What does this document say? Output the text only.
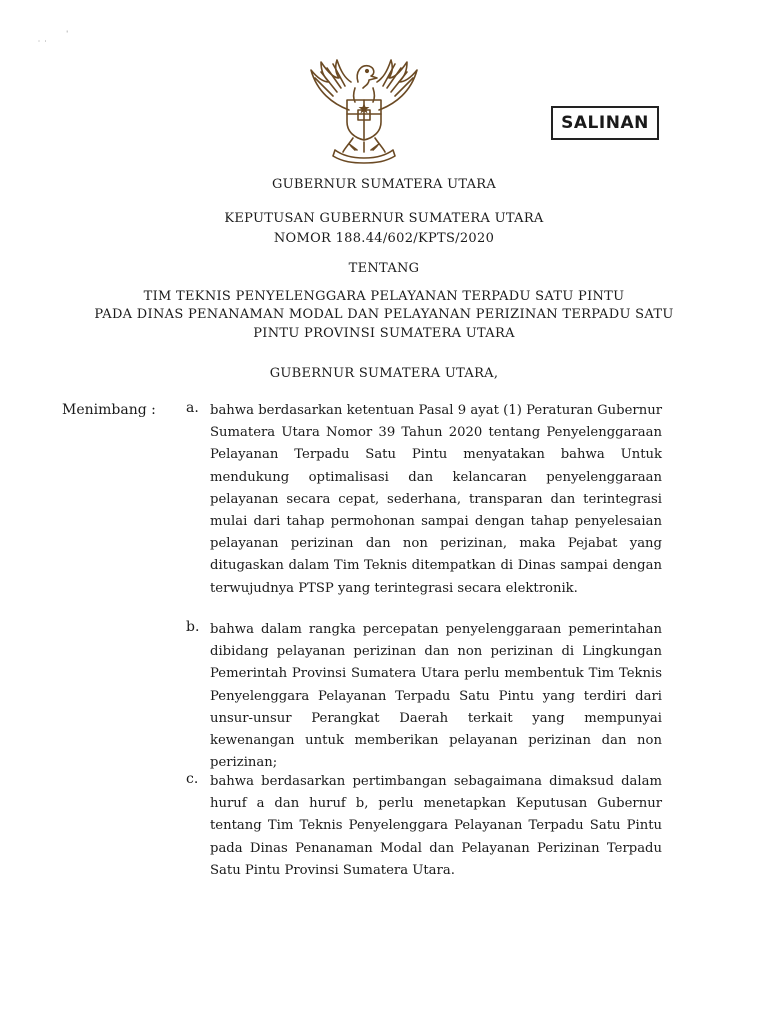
˙ ˙
ˈ
SALINAN
GUBERNUR SUMATERA UTARA
KEPUTUSAN GUBERNUR SUMATERA UTARA
NOMOR 188.44/602/KPTS/2020
TENTANG
TIM TEKNIS PENYELENGGARA PELAYANAN TERPADU SATU PINTU
PADA DINAS PENANAMAN MODAL DAN PELAYANAN PERIZINAN TERPADU SATU
PINTU PROVINSI SUMATERA UTARA
GUBERNUR SUMATERA UTARA,
Menimbang : a. bahwa berdasarkan ketentuan Pasal 9 ayat (1) Peraturan Gubernur Sumatera Utara Nomor 39 Tahun 2020 tentang Penyelenggaraan Pelayanan Terpadu Satu Pintu menyatakan bahwa Untuk mendukung optimalisasi dan kelancaran penyelenggaraan pelayanan secara cepat, sederhana, transparan dan terintegrasi mulai dari tahap permohonan sampai dengan tahap penyelesaian pelayanan perizinan dan non perizinan, maka Pejabat yang ditugaskan dalam Tim Teknis ditempatkan di Dinas sampai dengan terwujudnya PTSP yang terintegrasi secara elektronik.
b. bahwa dalam rangka percepatan penyelenggaraan pemerintahan dibidang pelayanan perizinan dan non perizinan di Lingkungan Pemerintah Provinsi Sumatera Utara perlu membentuk Tim Teknis Penyelenggara Pelayanan Terpadu Satu Pintu yang terdiri dari unsur-unsur Perangkat Daerah terkait yang mempunyai kewenangan untuk memberikan pelayanan perizinan dan non perizinan;
c. bahwa berdasarkan pertimbangan sebagaimana dimaksud dalam huruf a dan huruf b, perlu menetapkan Keputusan Gubernur tentang Tim Teknis Penyelenggara Pelayanan Terpadu Satu Pintu pada Dinas Penanaman Modal dan Pelayanan Perizinan Terpadu Satu Pintu Provinsi Sumatera Utara.
